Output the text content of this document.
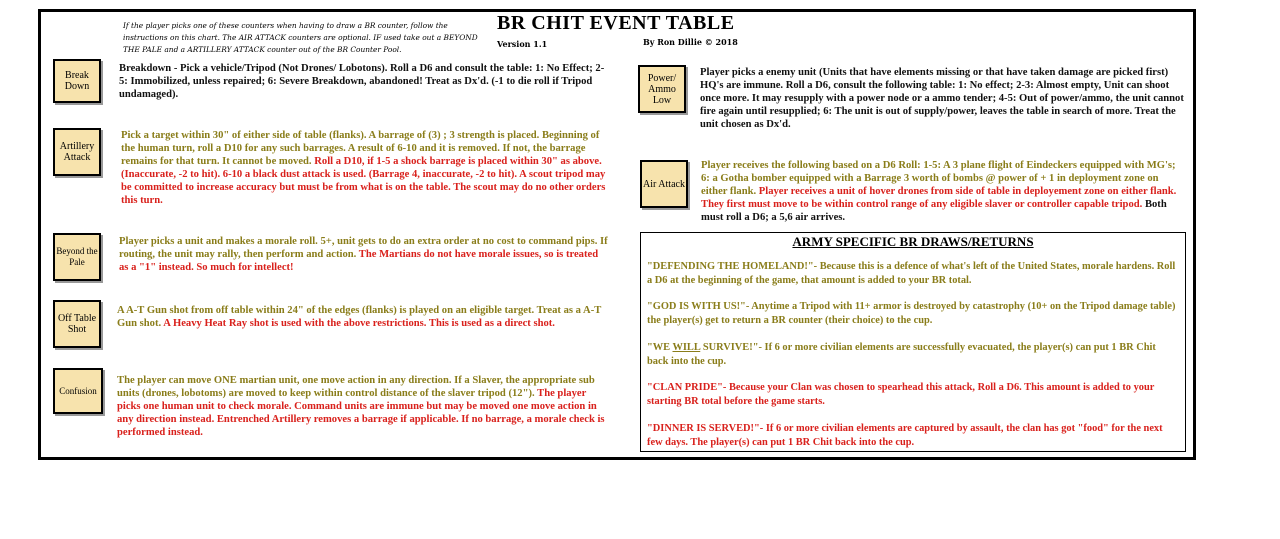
If the player picks one of these counters when having to draw a BR counter, follow the instructions on this chart. The AIR ATTACK counters are optional. IF used take out a BEYOND THE PALE and a ARTILLERY ATTACK counter out of the BR Counter Pool.
BR CHIT EVENT TABLE
Version 1.1	By Ron Dillie © 2018
Break Down
Breakdown - Pick a vehicle/Tripod (Not Drones/ Lobotons). Roll a D6 and consult the table: 1: No Effect; 2-5: Immobilized, unless repaired; 6: Severe Breakdown, abandoned! Treat as Dx'd. (-1 to die roll if Tripod undamaged).
Artillery Attack
Pick a target within 30" of either side of table (flanks). A barrage of (3) ; 3 strength is placed. Beginning of the human turn, roll a D10 for any such barrages. A result of 6-10 and it is removed. If not, the barrage remains for that turn. It cannot be moved. Roll a D10, if 1-5 a shock barrage is placed within 30" as above. (Inaccurate, -2 to hit). 6-10 a black dust attack is used. (Barrage 4, inaccurate, -2 to hit). A scout tripod may be committed to increase accuracy but must be from what is on the table. The scout may do no other orders this turn.
Beyond the Pale
Player picks a unit and makes a morale roll. 5+, unit gets to do an extra order at no cost to command pips. If routing, the unit may rally, then perform and action. The Martians do not have morale issues, so is treated as a "1" instead. So much for intellect!
Off Table Shot
A A-T Gun shot from off table within 24" of the edges (flanks) is played on an eligible target. Treat as a A-T Gun shot. A Heavy Heat Ray shot is used with the above restrictions. This is used as a direct shot.
Confusion
The player can move ONE martian unit, one move action in any direction. If a Slaver, the appropriate sub units (drones, lobotoms) are moved to keep within control distance of the slaver tripod (12"). The player picks one human unit to check morale. Command units are immune but may be moved one move action in any direction instead. Entrenched Artillery removes a barrage if applicable. If no barrage, a morale check is performed instead.
Power/ Ammo Low
Player picks a enemy unit (Units that have elements missing or that have taken damage are picked first) HQ's are immune. Roll a D6, consult the following table: 1: No effect; 2-3: Almost empty, Unit can shoot once more. It may resupply with a power node or a ammo tender; 4-5: Out of power/ammo, the unit cannot fire again until resupplied; 6: The unit is out of supply/power, leaves the table in search of more. Treat the unit chosen as Dx'd.
Air Attack
Player receives the following based on a D6 Roll: 1-5: A 3 plane flight of Eindeckers equipped with MG's; 6: a Gotha bomber equipped with a Barrage 3 worth of bombs @ power of + 1 in deployment zone on either flank. Player receives a unit of hover drones from side of table in deployement zone on either flank. They first must move to be within control range of any eligible slaver or controller capable tripod. Both must roll a D6; a 5,6 air arrives.
ARMY SPECIFIC BR DRAWS/RETURNS
"DEFENDING THE HOMELAND!"- Because this is a defence of what's left of the United States, morale hardens. Roll a D6 at the beginning of the game, that amount is added to your BR total.
"GOD IS WITH US!"- Anytime a Tripod with 11+ armor is destroyed by catastrophy (10+ on the Tripod damage table) the player(s) get to return a BR counter (their choice) to the cup.
"WE WILL SURVIVE!"- If 6 or more civilian elements are successfully evacuated, the player(s) can put 1 BR Chit back into the cup.
"CLAN PRIDE"- Because your Clan was chosen to spearhead this attack, Roll a D6. This amount is added to your starting BR total before the game starts.
"DINNER IS SERVED!"- If 6 or more civilian elements are captured by assault, the clan has got "food" for the next few days. The player(s) can put 1 BR Chit back into the cup.
